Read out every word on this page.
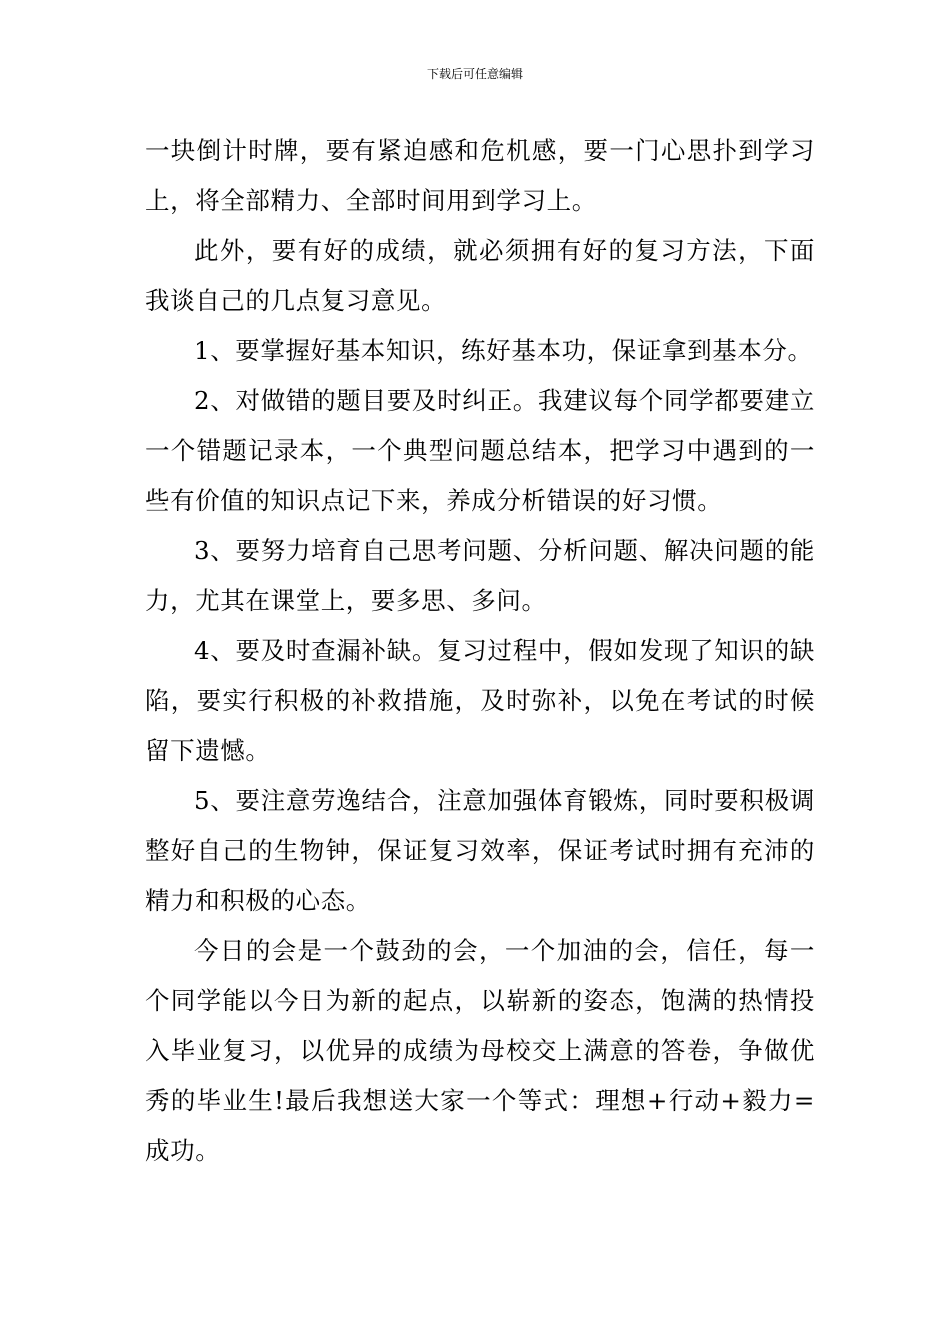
下载后可任意编辑

一块倒计时牌，要有紧迫感和危机感，要一门心思扑到学习上，将全部精力、全部时间用到学习上。

此外，要有好的成绩，就必须拥有好的复习方法，下面我谈自己的几点复习意见。

1、要掌握好基本知识，练好基本功，保证拿到基本分。

2、对做错的题目要及时纠正。我建议每个同学都要建立一个错题记录本，一个典型问题总结本，把学习中遇到的一些有价值的知识点记下来，养成分析错误的好习惯。

3、要努力培育自己思考问题、分析问题、解决问题的能力，尤其在课堂上，要多思、多问。

4、要及时查漏补缺。复习过程中，假如发现了知识的缺陷，要实行积极的补救措施，及时弥补，以免在考试的时候留下遗憾。

5、要注意劳逸结合，注意加强体育锻炼，同时要积极调整好自己的生物钟，保证复习效率，保证考试时拥有充沛的精力和积极的心态。

今日的会是一个鼓劲的会，一个加油的会，信任，每一个同学能以今日为新的起点，以崭新的姿态，饱满的热情投入毕业复习，以优异的成绩为母校交上满意的答卷，争做优秀的毕业生!最后我想送大家一个等式：理想+行动+毅力=成功。
